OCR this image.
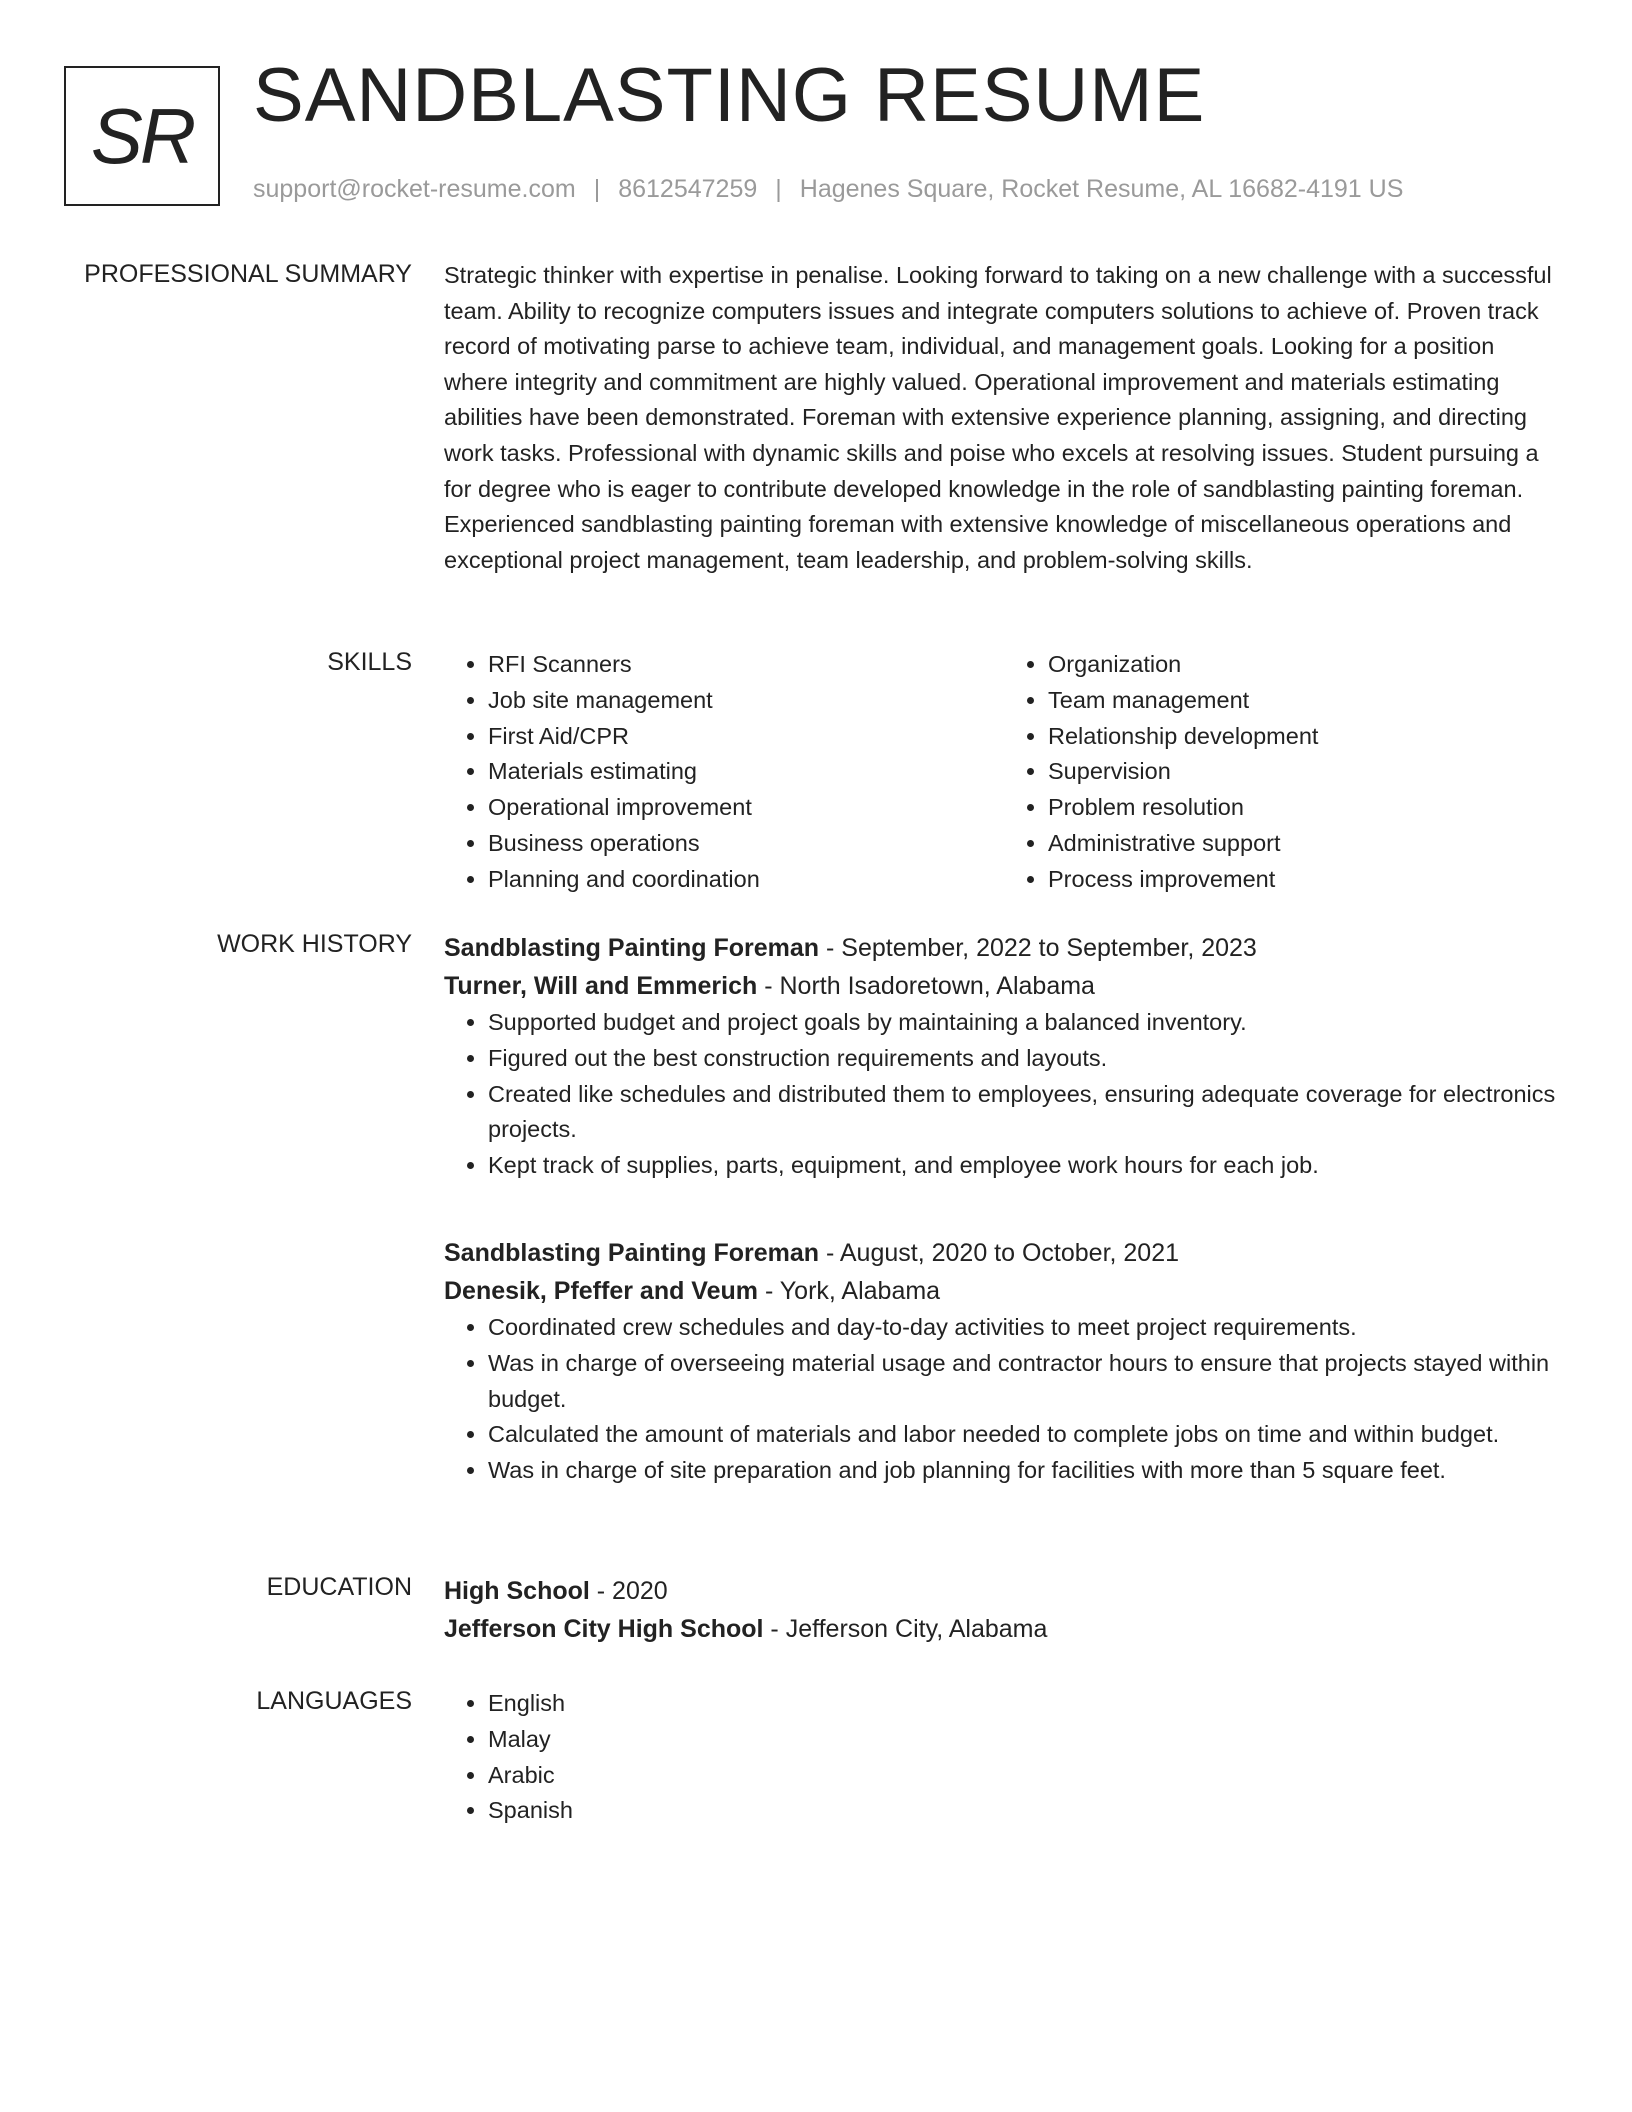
SR SANDBLASTING RESUME
support@rocket-resume.com | 8612547259 | Hagenes Square, Rocket Resume, AL 16682-4191 US
PROFESSIONAL SUMMARY Strategic thinker with expertise in penalise. Looking forward to taking on a new challenge with a successful team. Ability to recognize computers issues and integrate computers solutions to achieve of. Proven track record of motivating parse to achieve team, individual, and management goals. Looking for a position where integrity and commitment are highly valued. Operational improvement and materials estimating abilities have been demonstrated. Foreman with extensive experience planning, assigning, and directing work tasks. Professional with dynamic skills and poise who excels at resolving issues. Student pursuing a for degree who is eager to contribute developed knowledge in the role of sandblasting painting foreman. Experienced sandblasting painting foreman with extensive knowledge of miscellaneous operations and exceptional project management, team leadership, and problem-solving skills.

SKILLS	• RFI Scanners
• Job site management
• First Aid/CPR
• Materials estimating
• Operational improvement
• Business operations
• Planning and coordination
• Organization
• Team management
• Relationship development
• Supervision
• Problem resolution
• Administrative support
• Process improvement
WORK HISTORY Sandblasting Painting Foreman - September, 2022 to September, 2023
Turner, Will and Emmerich - North Isadoretown, Alabama
• Supported budget and project goals by maintaining a balanced inventory.
• Figured out the best construction requirements and layouts.
• Created like schedules and distributed them to employees, ensuring adequate coverage for electronics projects.
• Kept track of supplies, parts, equipment, and employee work hours for each job.
Sandblasting Painting Foreman - August, 2020 to October, 2021
Denesik, Pfeffer and Veum - York, Alabama
• Coordinated crew schedules and day-to-day activities to meet project requirements.
• Was in charge of overseeing material usage and contractor hours to ensure that projects stayed within budget.
• Calculated the amount of materials and labor needed to complete jobs on time and within budget.
• Was in charge of site preparation and job planning for facilities with more than 5 square feet.
EDUCATION High School - 2020
Jefferson City High School - Jefferson City, Alabama
LANGUAGES	• English
• Malay
• Arabic
• Spanish
